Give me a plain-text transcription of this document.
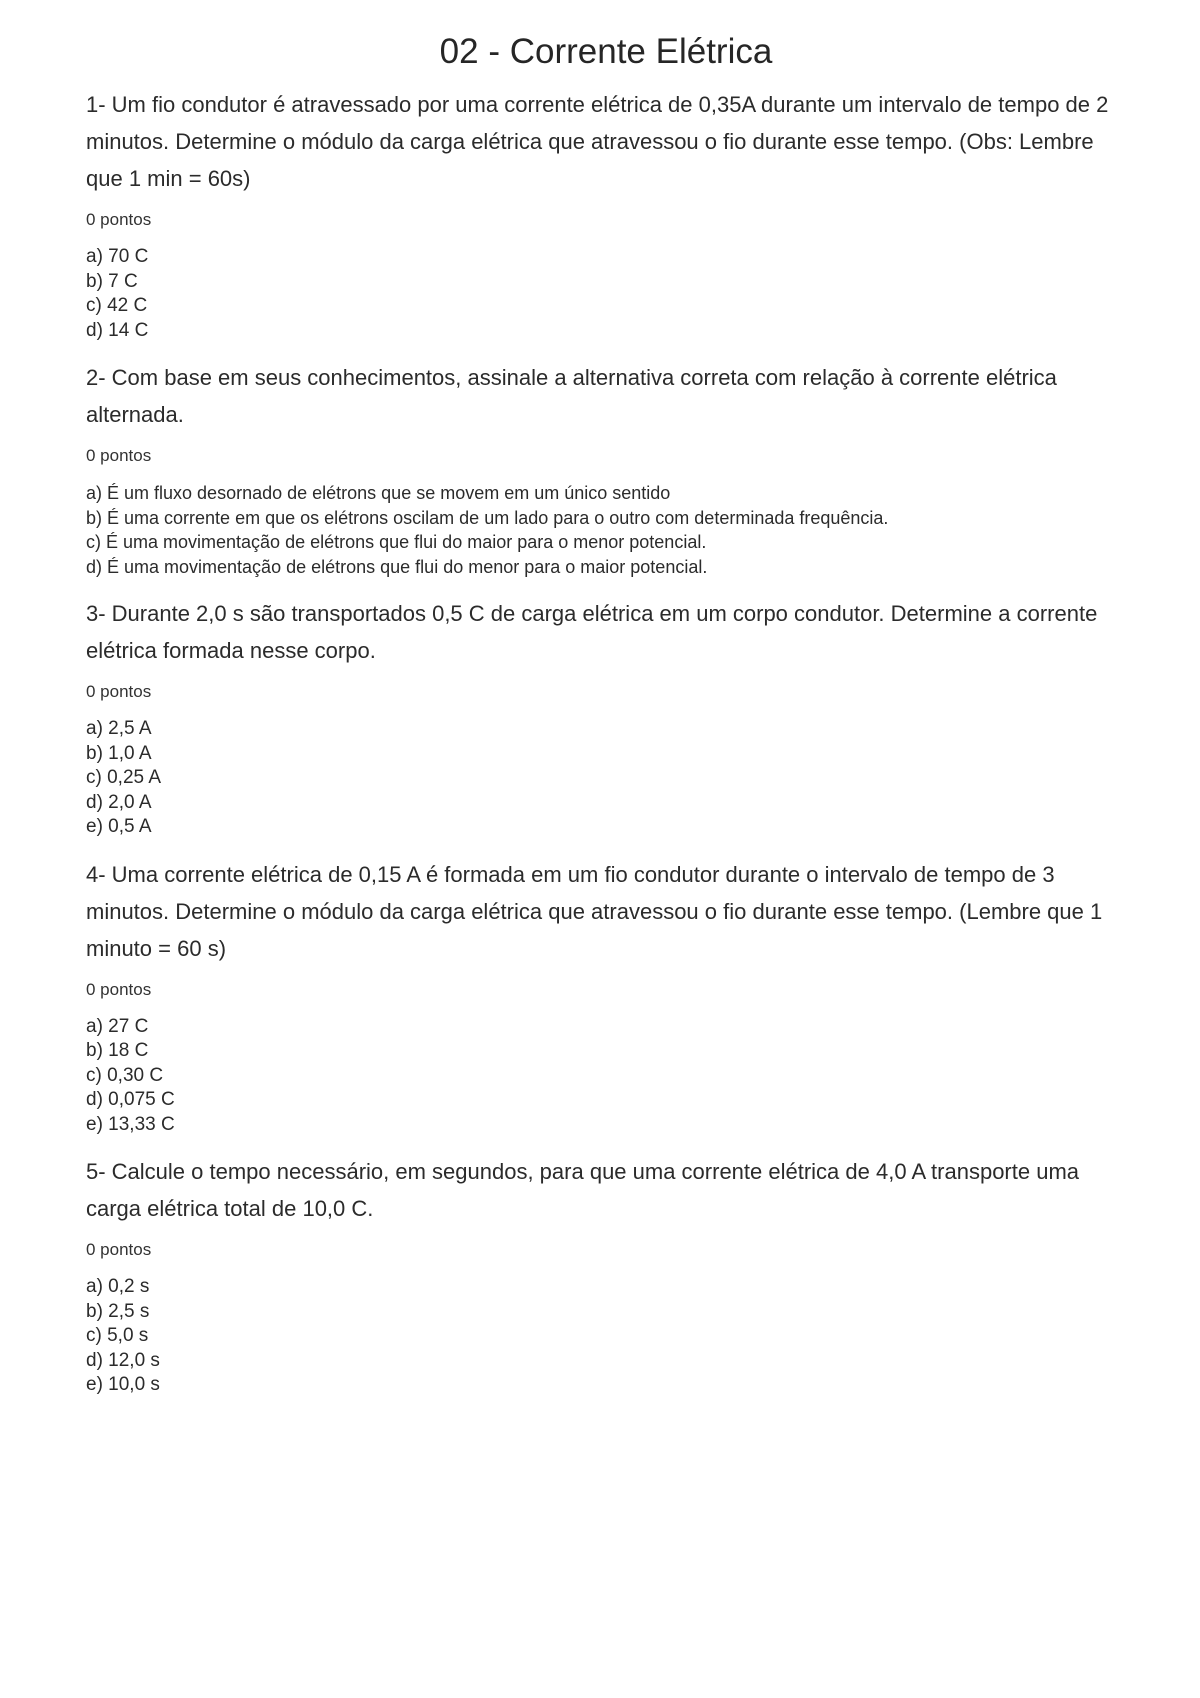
02 - Corrente Elétrica

1- Um fio condutor é atravessado por uma corrente elétrica de 0,35A durante um intervalo de tempo de 2 minutos. Determine o módulo da carga elétrica que atravessou o fio durante esse tempo. (Obs: Lembre que 1 min = 60s)

0 pontos
a) 70 C
b) 7 C
c) 42 C
d) 14 C

2- Com base em seus conhecimentos, assinale a alternativa correta com relação à corrente elétrica alternada.

0 pontos
a) É um fluxo desornado de elétrons que se movem em um único sentido
b) É uma corrente em que os elétrons oscilam de um lado para o outro com determinada frequência.
c) É uma movimentação de elétrons que flui do maior para o menor potencial.
d) É uma movimentação de elétrons que flui do menor para o maior potencial.

3- Durante 2,0 s são transportados 0,5 C de carga elétrica em um corpo condutor. Determine a corrente elétrica formada nesse corpo.

0 pontos
a) 2,5 A
b) 1,0 A
c) 0,25 A
d) 2,0 A
e) 0,5 A

4- Uma corrente elétrica de 0,15 A é formada em um fio condutor durante o intervalo de tempo de 3 minutos. Determine o módulo da carga elétrica que atravessou o fio durante esse tempo. (Lembre que 1 minuto = 60 s)

0 pontos
a) 27 C
b) 18 C
c) 0,30 C
d) 0,075 C
e) 13,33 C

5- Calcule o tempo necessário, em segundos, para que uma corrente elétrica de 4,0 A transporte uma carga elétrica total de 10,0 C.

0 pontos
a) 0,2 s
b) 2,5 s
c) 5,0 s
d) 12,0 s
e) 10,0 s
